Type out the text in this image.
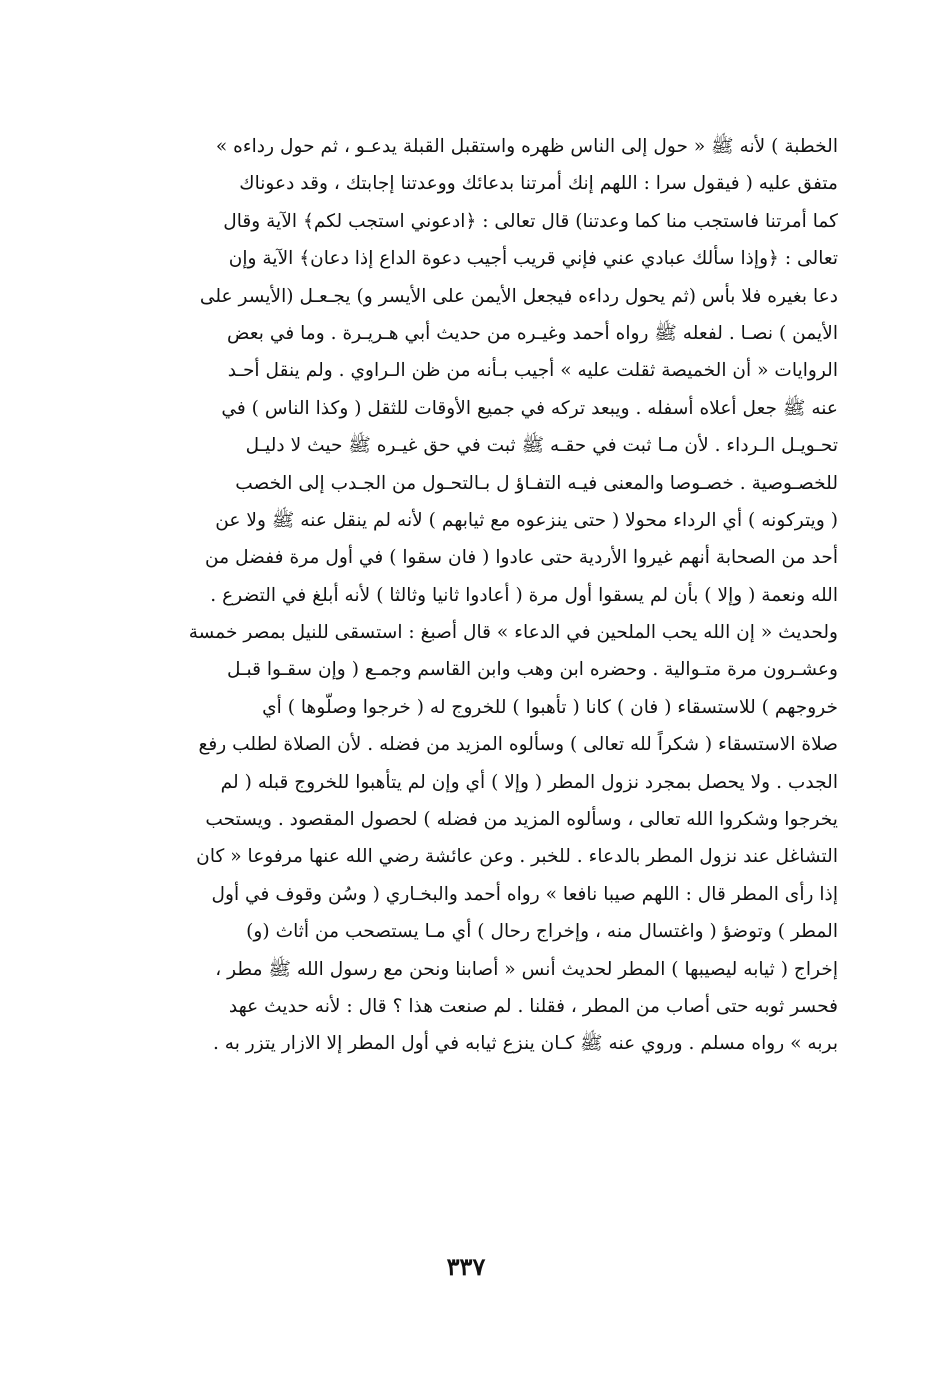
الخطبة ) لأنه ﷺ « حول إلى الناس ظهره واستقبل القبلة يدعـو ، ثم حول رداءه »
متفق عليه ( فيقول سرا : اللهم إنك أمرتنا بدعائك ووعدتنا إجابتك ، وقد دعوناك
كما أمرتنا فاستجب منا كما وعدتنا) قال تعالى : ﴿ادعوني استجب لكم﴾ الآية وقال
تعالى : ﴿وإذا سألك عبادي عني فإني قريب أجيب دعوة الداع إذا دعان﴾ الآية وإن
دعا بغيره فلا بأس (ثم يحول رداءه فيجعل الأيمن على الأيسر و) يجـعـل (الأيسر على
الأيمن ) نصـا . لفعله ﷺ رواه أحمد وغيـره من حديث أبي هـريـرة . وما في بعض
الروايات « أن الخميصة ثقلت عليه » أجيب بـأنه من ظن الـراوي . ولم ينقل أحـد
عنه ﷺ جعل أعلاه أسفله . ويبعد تركه في جميع الأوقات للثقل ( وكذا الناس ) في
تحـويـل الـرداء . لأن مـا ثبت في حقـه ﷺ ثبت في حق غيـره ﷺ حيث لا دليـل
للخصـوصية . خصـوصا والمعنى فيـه التفـاؤ ل بـالتحـول من الجـدب إلى الخصب
( ويتركونه ) أي الرداء محولا ( حتى ينزعوه مع ثيابهم ) لأنه لم ينقل عنه ﷺ ولا عن
أحد من الصحابة أنهم غيروا الأردية حتى عادوا ( فان سقوا ) في أول مرة ففضل من
الله ونعمة ( وإلا ) بأن لم يسقوا أول مرة ( أعادوا ثانيا وثالثا ) لأنه أبلغ في التضرع .
ولحديث « إن الله يحب الملحين في الدعاء » قال أصبغ : استسقى للنيل بمصر خمسة
وعشـرون مرة متـوالية . وحضره ابن وهب وابن القاسم وجمـع ( وإن سقـوا قبـل
خروجهم ) للاستسقاء ( فان ) كانا ( تأهبوا ) للخروج له ( خرجوا وصلّوها ) أي
صلاة الاستسقاء ( شكراً لله تعالى ) وسألوه المزيد من فضله . لأن الصلاة لطلب رفع
الجدب . ولا يحصل بمجرد نزول المطر ( وإلا ) أي وإن لم يتأهبوا للخروج قبله ( لم
يخرجوا وشكروا الله تعالى ، وسألوه المزيد من فضله ) لحصول المقصود . ويستحب
التشاغل عند نزول المطر بالدعاء . للخبر . وعن عائشة رضي الله عنها مرفوعا « كان
إذا رأى المطر قال : اللهم صيبا نافعا » رواه أحمد والبخـاري ( وسُن وقوف في أول
المطر ) وتوضؤ ( واغتسال منه ، وإخراج رحال ) أي مـا يستصحب من أثاث (و)
إخراج ( ثيابه ليصيبها ) المطر لحديث أنس « أصابنا ونحن مع رسول الله ﷺ مطر ،
فحسر ثوبه حتى أصاب من المطر ، فقلنا . لم صنعت هذا ؟ قال : لأنه حديث عهد
بربه » رواه مسلم . وروي عنه ﷺ كـان ينزع ثيابه في أول المطر إلا الازار يتزر به .
٣٣٧
